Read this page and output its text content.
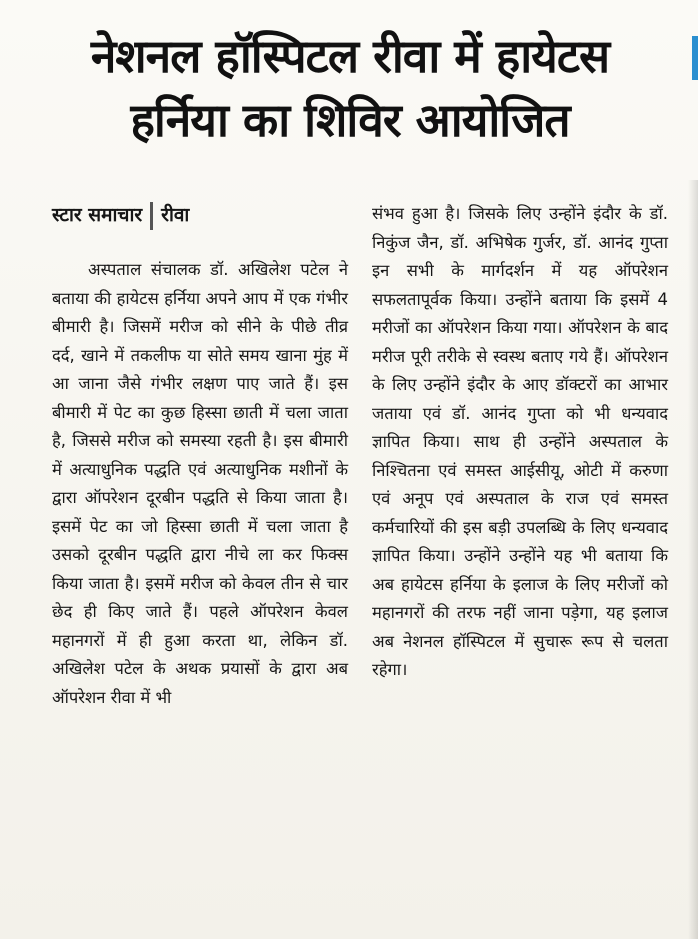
नेशनल हॉस्पिटल रीवा में हायेटस
हर्निया का शिविर आयोजित
स्टार समाचार रीवा

अस्पताल संचालक डॉ. अखिलेश पटेल ने बताया की हायेटस हर्निया अपने आप में एक गंभीर बीमारी है। जिसमें मरीज को सीने के पीछे तीव्र दर्द, खाने में तकलीफ या सोते समय खाना मुंह में आ जाना जैसे गंभीर लक्षण पाए जाते हैं। इस बीमारी में पेट का कुछ हिस्सा छाती में चला जाता है, जिससे मरीज को समस्या रहती है। इस बीमारी में अत्याधुनिक पद्धति एवं अत्याधुनिक मशीनों के द्वारा ऑपरेशन दूरबीन पद्धति से किया जाता है। इसमें पेट का जो हिस्सा छाती में चला जाता है उसको दूरबीन पद्धति द्वारा नीचे ला कर फिक्स किया जाता है। इसमें मरीज को केवल तीन से चार छेद ही किए जाते हैं। पहले ऑपरेशन केवल महानगरों में ही हुआ करता था, लेकिन डॉ. अखिलेश पटेल के अथक प्रयासों के द्वारा अब ऑपरेशन रीवा में भी

संभव हुआ है। जिसके लिए उन्होंने इंदौर के डॉ. निकुंज जैन, डॉ. अभिषेक गुर्जर, डॉ. आनंद गुप्ता इन सभी के मार्गदर्शन में यह ऑपरेशन सफलतापूर्वक किया। उन्होंने बताया कि इसमें 4 मरीजों का ऑपरेशन किया गया। ऑपरेशन के बाद मरीज पूरी तरीके से स्वस्थ बताए गये हैं। ऑपरेशन के लिए उन्होंने इंदौर के आए डॉक्टरों का आभार जताया एवं डॉ. आनंद गुप्ता को भी धन्यवाद ज्ञापित किया। साथ ही उन्होंने अस्पताल के निश्चितना एवं समस्त आईसीयू, ओटी में करुणा एवं अनूप एवं अस्पताल के राज एवं समस्त कर्मचारियों की इस बड़ी उपलब्धि के लिए धन्यवाद ज्ञापित किया। उन्होंने उन्होंने यह भी बताया कि अब हायेटस हर्निया के इलाज के लिए मरीजों को महानगरों की तरफ नहीं जाना पड़ेगा, यह इलाज अब नेशनल हॉस्पिटल में सुचारू रूप से चलता रहेगा।
